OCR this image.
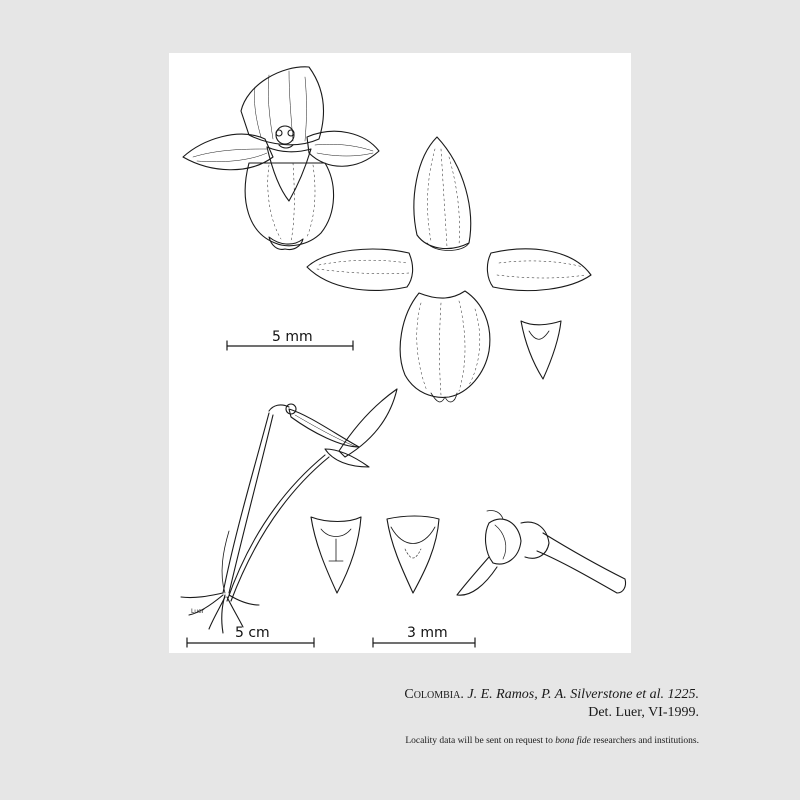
Luer
5 mm
5 cm	3 mm
Colombia. J. E. Ramos, P. A. Silverstone et al. 1225.
Det. Luer, VI-1999.
Locality data will be sent on request to bona fide researchers and institutions.
